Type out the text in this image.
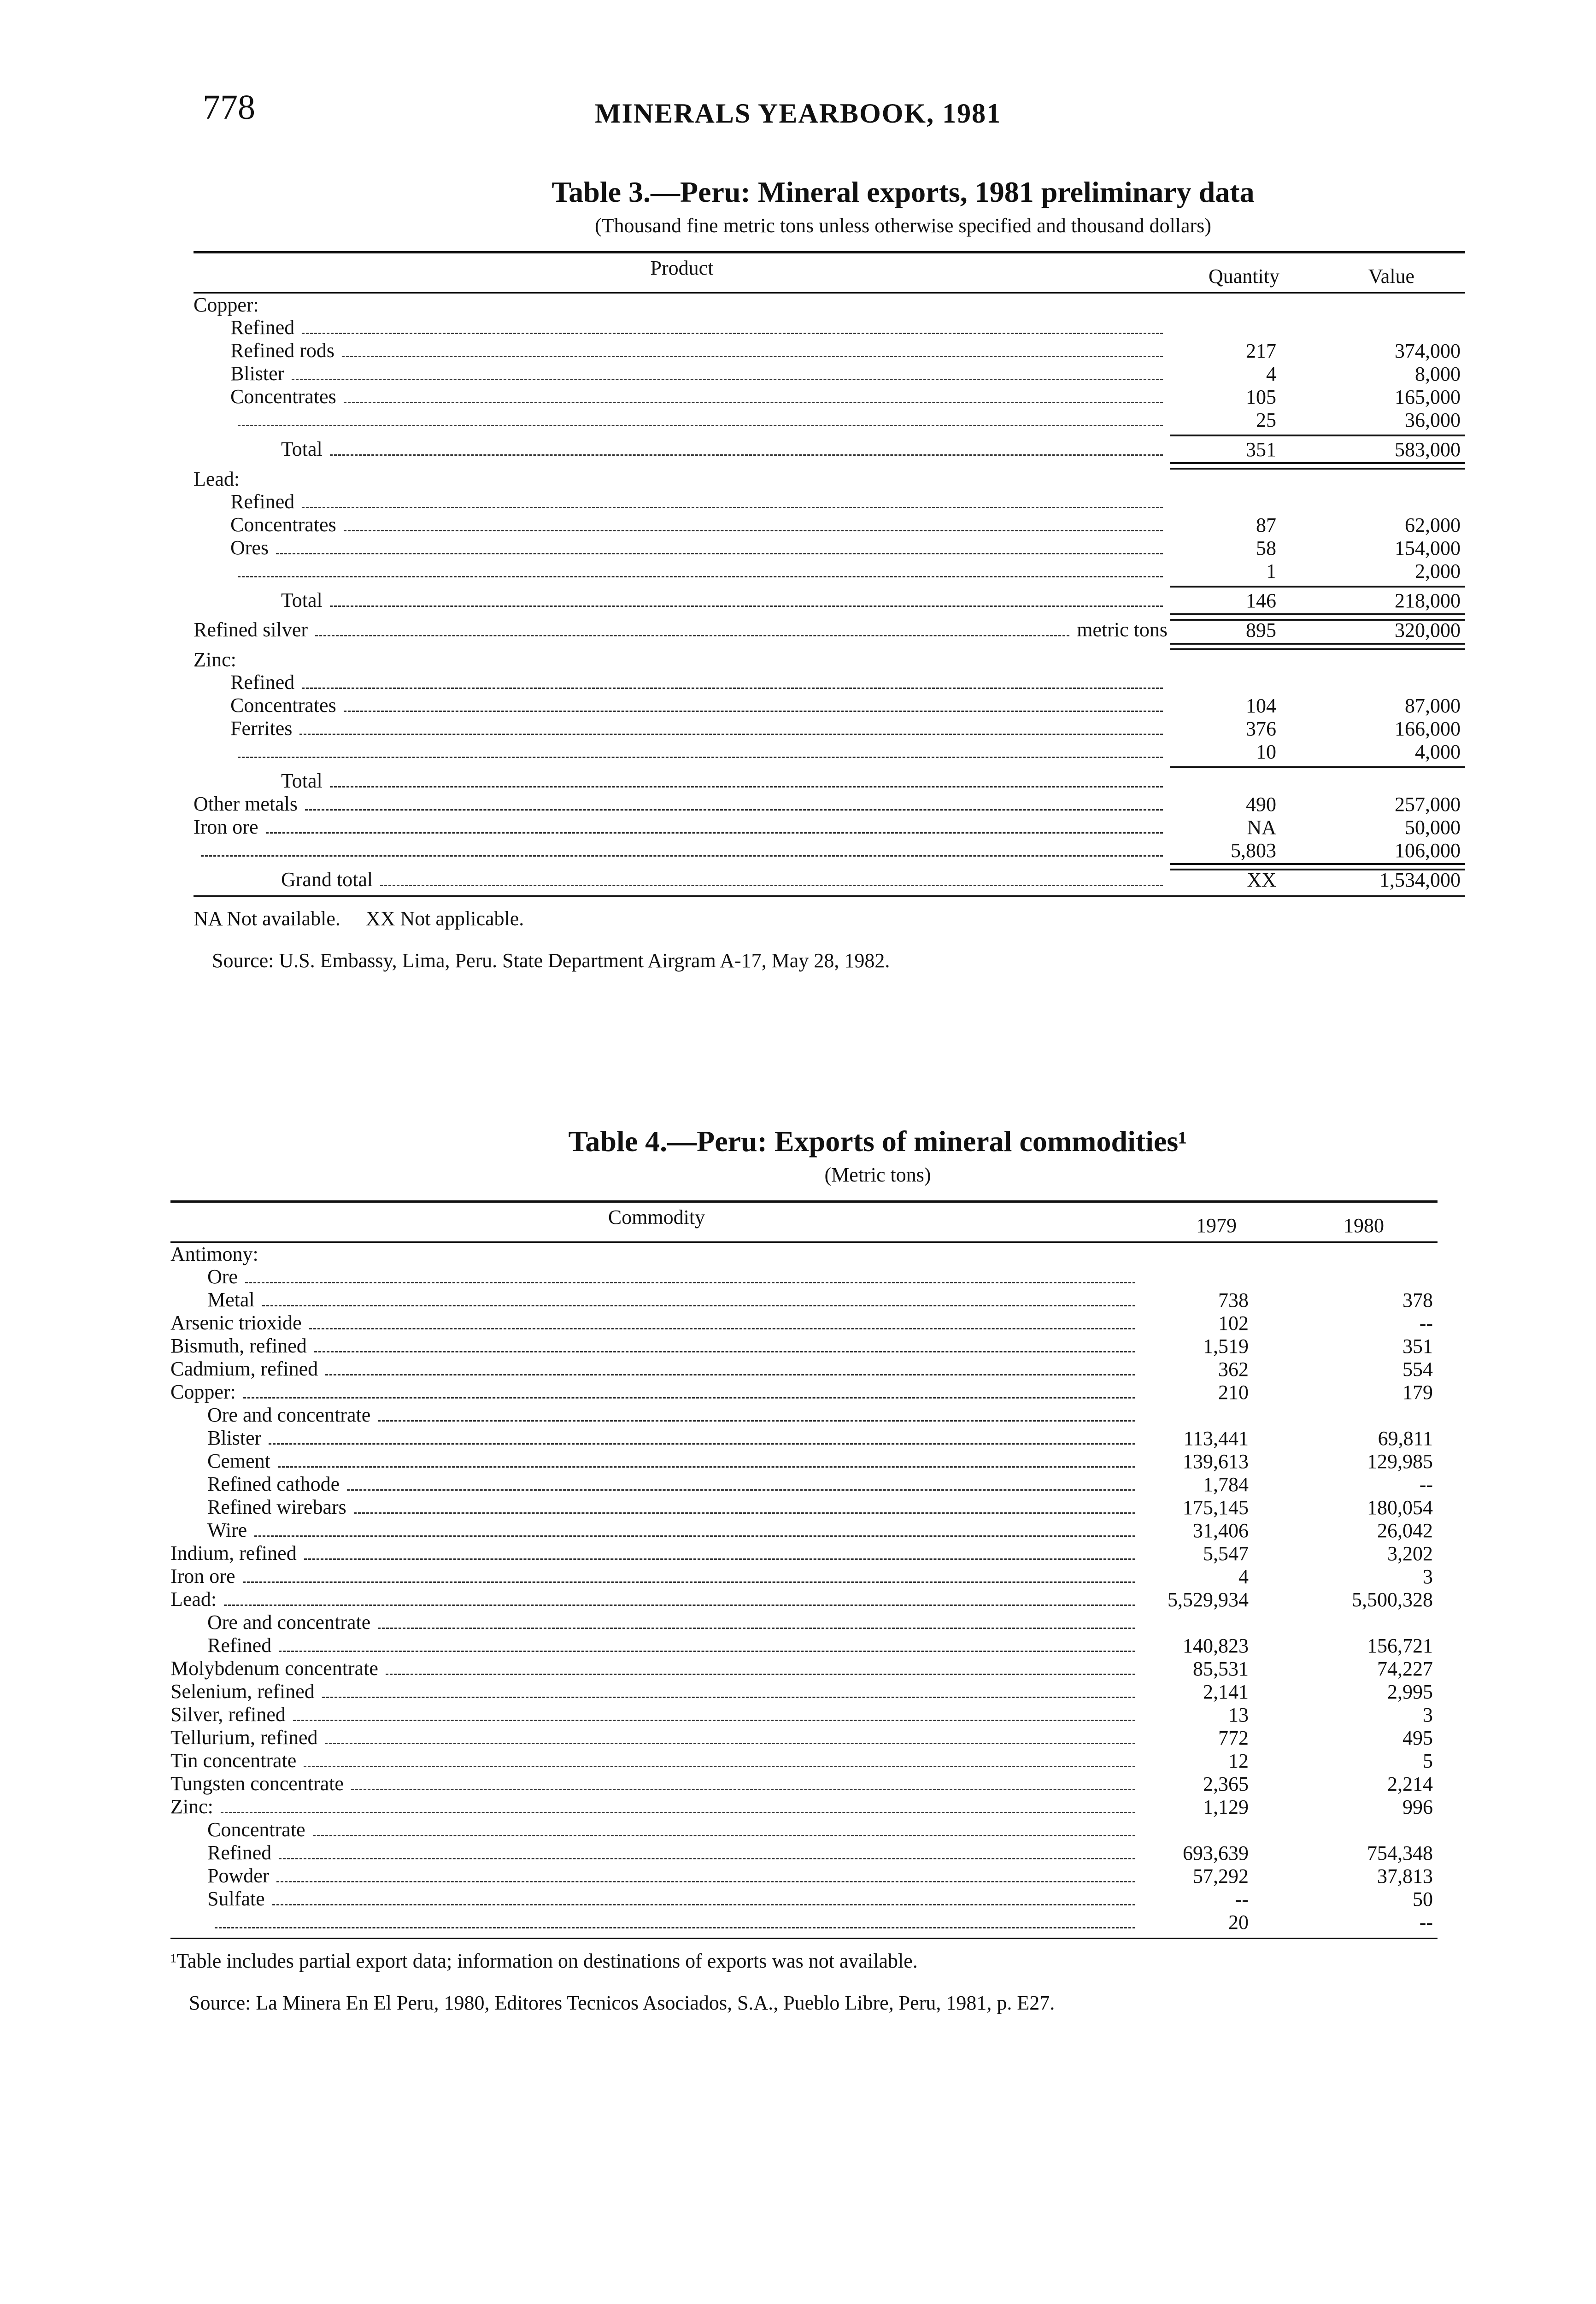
778	MINERALS YEARBOOK, 1981
Table 3.—Peru: Mineral exports, 1981 preliminary data
(Thousand fine metric tons unless otherwise specified and thousand dollars)
Product	Quantity	Value
Copper:
Refined
Refined rods	217	374,000
Blister	4	8,000
Concentrates	105	165,000
25	36,000
Total	351	583,000
Lead:
Refined
Concentrates	87	62,000
Ores	58	154,000
1	2,000
Total	146	218,000
Refined silver	metric tons	895	320,000
Zinc:
Refined
Concentrates	104	87,000
Ferrites	376	166,000
10	4,000
Total
Other metals	490	257,000
Iron ore	NA	50,000
5,803	106,000
Grand total	XX	1,534,000
NA Not available.     XX Not applicable.
Source: U.S. Embassy, Lima, Peru. State Department Airgram A-17, May 28, 1982.
Table 4.—Peru: Exports of mineral commodities¹
(Metric tons)
Commodity	1979	1980
Antimony:
Ore
Metal	738	378
Arsenic trioxide	102	--
Bismuth, refined	1,519	351
Cadmium, refined	362	554
Copper:	210	179
Ore and concentrate
Blister	113,441	69,811
Cement	139,613	129,985
Refined cathode	1,784	--
Refined wirebars	175,145	180,054
Wire	31,406	26,042
Indium, refined	5,547	3,202
Iron ore	4	3
Lead:	5,529,934	5,500,328
Ore and concentrate
Refined	140,823	156,721
Molybdenum concentrate	85,531	74,227
Selenium, refined	2,141	2,995
Silver, refined	13	3
Tellurium, refined	772	495
Tin concentrate	12	5
Tungsten concentrate	2,365	2,214
Zinc:	1,129	996
Concentrate
Refined	693,639	754,348
Powder	57,292	37,813
Sulfate	--	50
20	--
¹Table includes partial export data; information on destinations of exports was not available.
Source: La Minera En El Peru, 1980, Editores Tecnicos Asociados, S.A., Pueblo Libre, Peru, 1981, p. E27.
